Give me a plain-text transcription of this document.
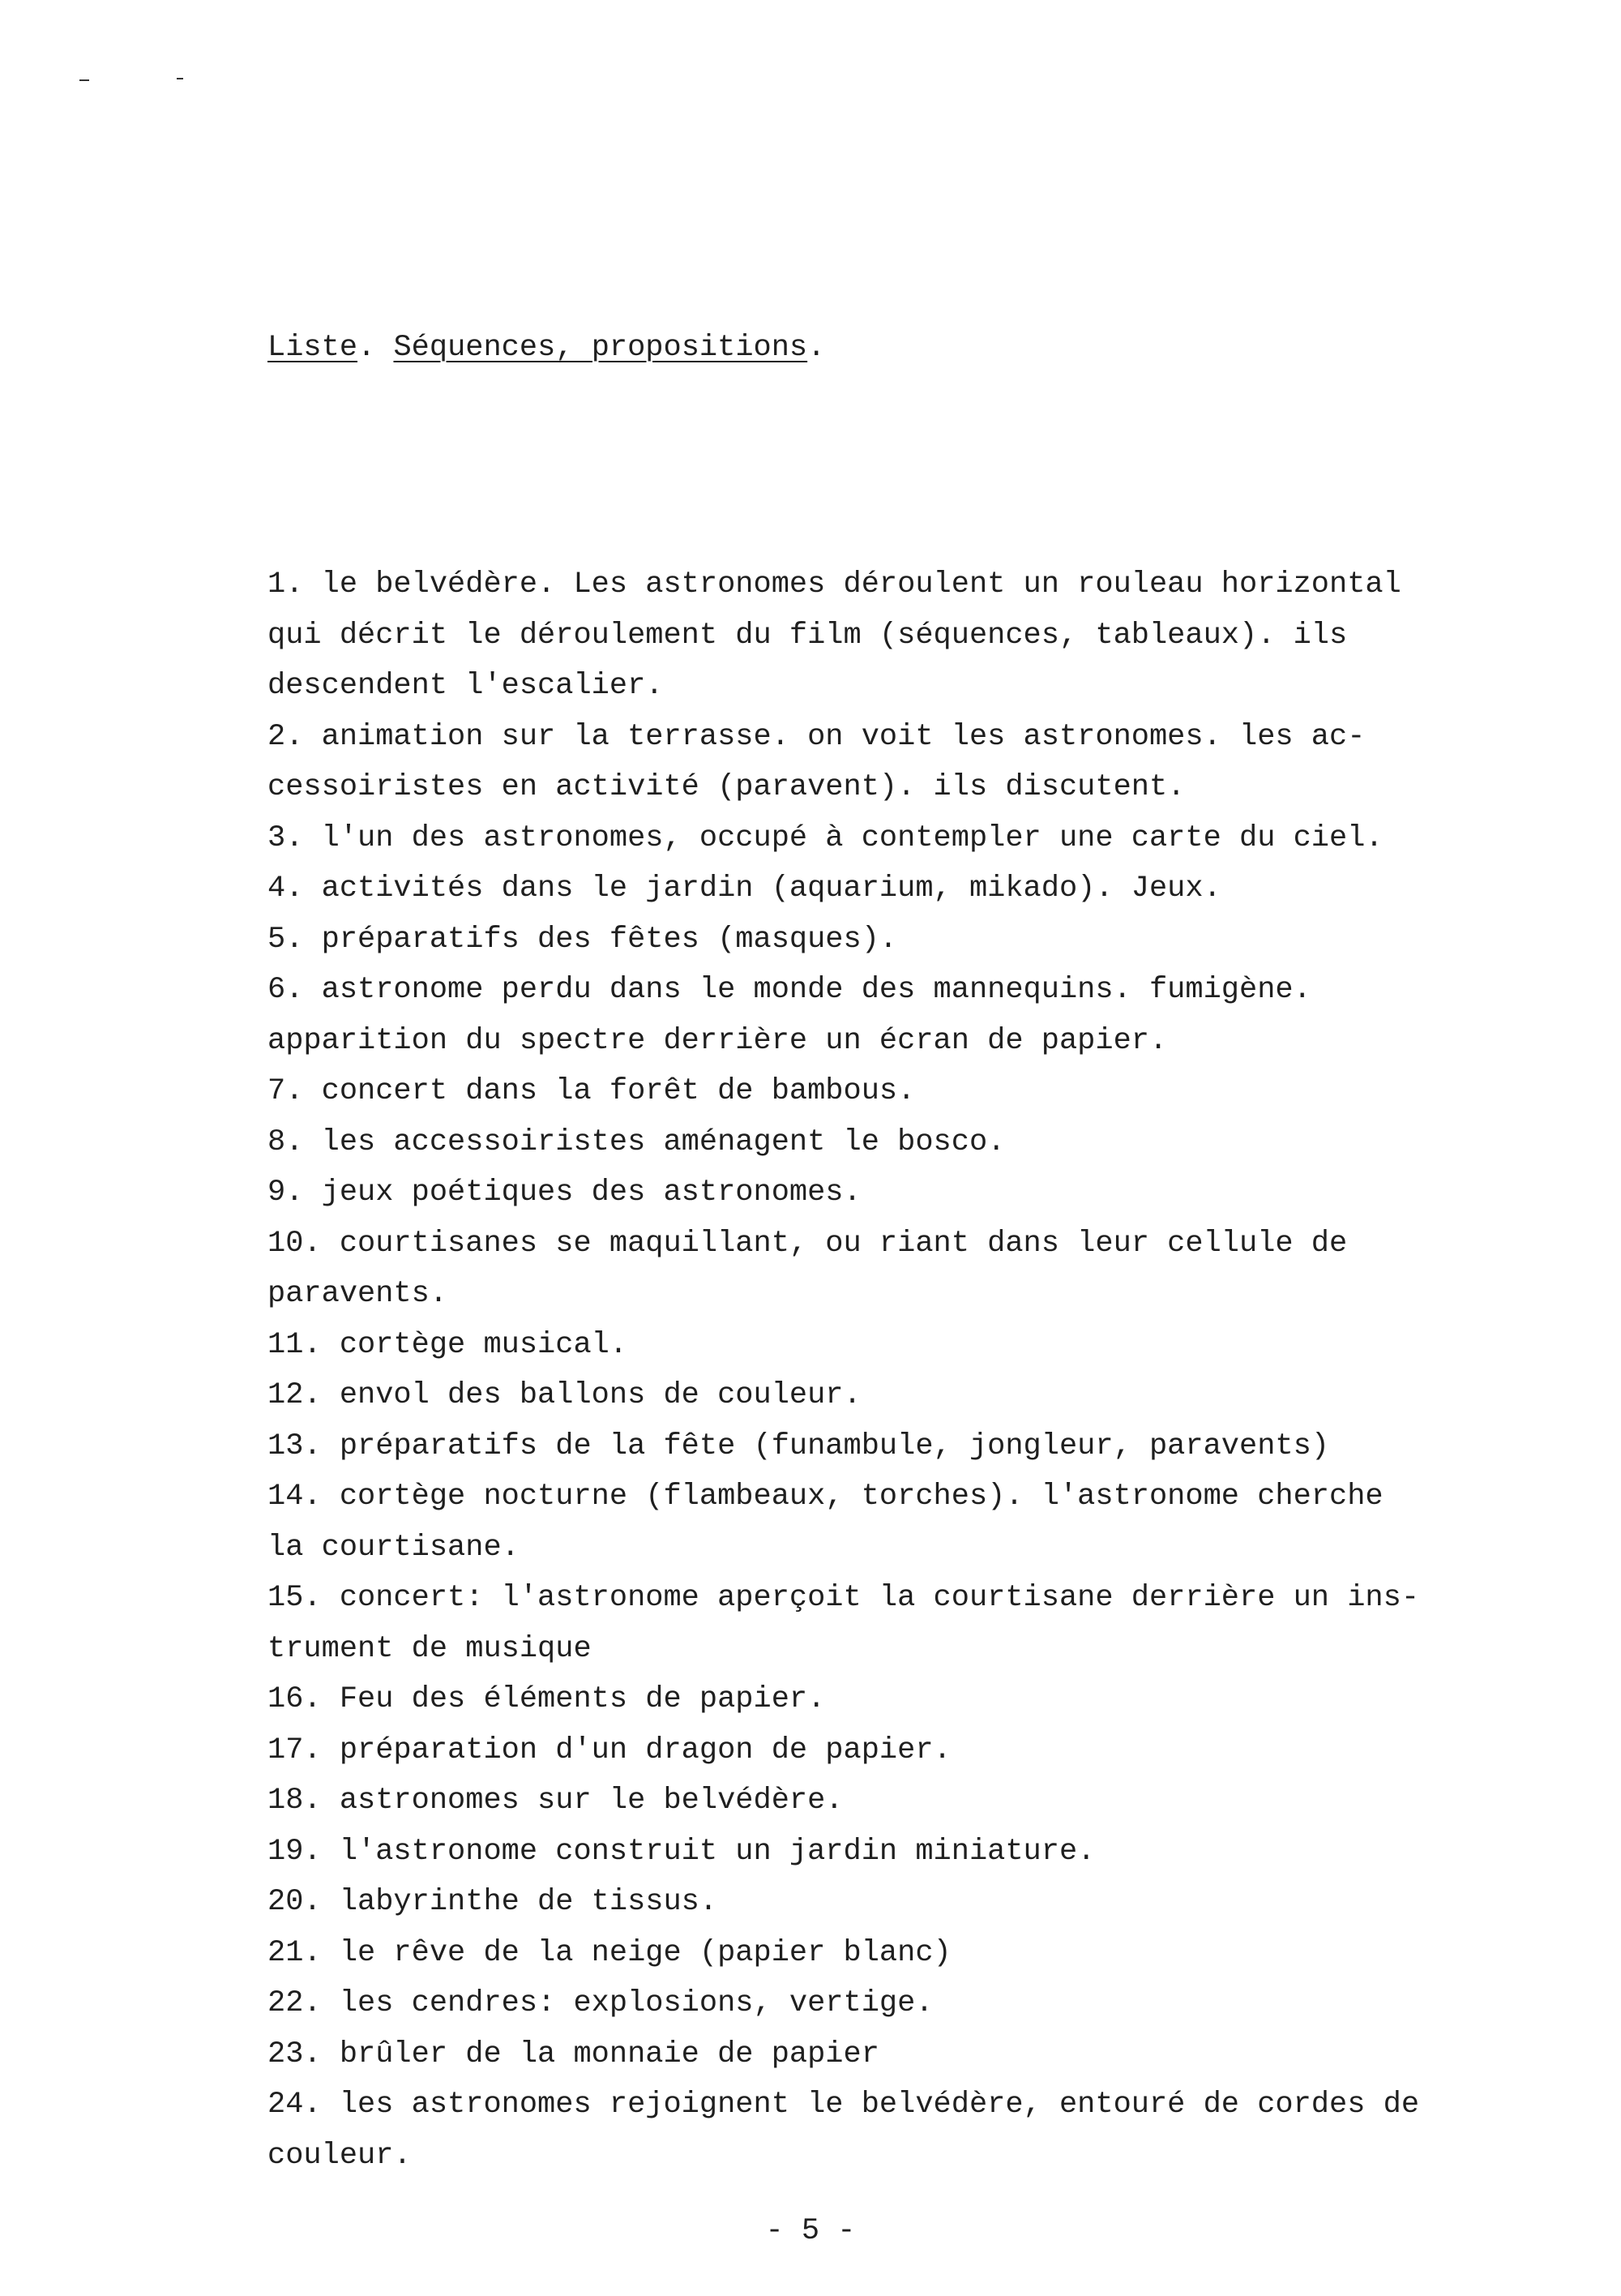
Liste. Séquences, propositions.
1. le belvédère. Les astronomes déroulent un rouleau horizontal
qui décrit le déroulement du film (séquences, tableaux). ils
descendent l'escalier.
2. animation sur la terrasse. on voit les astronomes. les ac-
cessoiristes en activité (paravent). ils discutent.
3. l'un des astronomes, occupé à contempler une carte du ciel.
4. activités dans le jardin (aquarium, mikado). Jeux.
5. préparatifs des fêtes (masques).
6. astronome perdu dans le monde des mannequins. fumigène.
apparition du spectre derrière un écran de papier.
7. concert dans la forêt de bambous.
8. les accessoiristes aménagent le bosco.
9. jeux poétiques des astronomes.
10. courtisanes se maquillant, ou riant dans leur cellule de
paravents.
11. cortège musical.
12. envol des ballons de couleur.
13. préparatifs de la fête (funambule, jongleur, paravents)
14. cortège nocturne (flambeaux, torches). l'astronome cherche
la courtisane.
15. concert: l'astronome aperçoit la courtisane derrière un ins-
trument de musique
16. Feu des éléments de papier.
17. préparation d'un dragon de papier.
18. astronomes sur le belvédère.
19. l'astronome construit un jardin miniature.
20. labyrinthe de tissus.
21. le rêve de la neige (papier blanc)
22. les cendres: explosions, vertige.
23. brûler de la monnaie de papier
24. les astronomes rejoignent le belvédère, entouré de cordes de
couleur.
- 5 -
